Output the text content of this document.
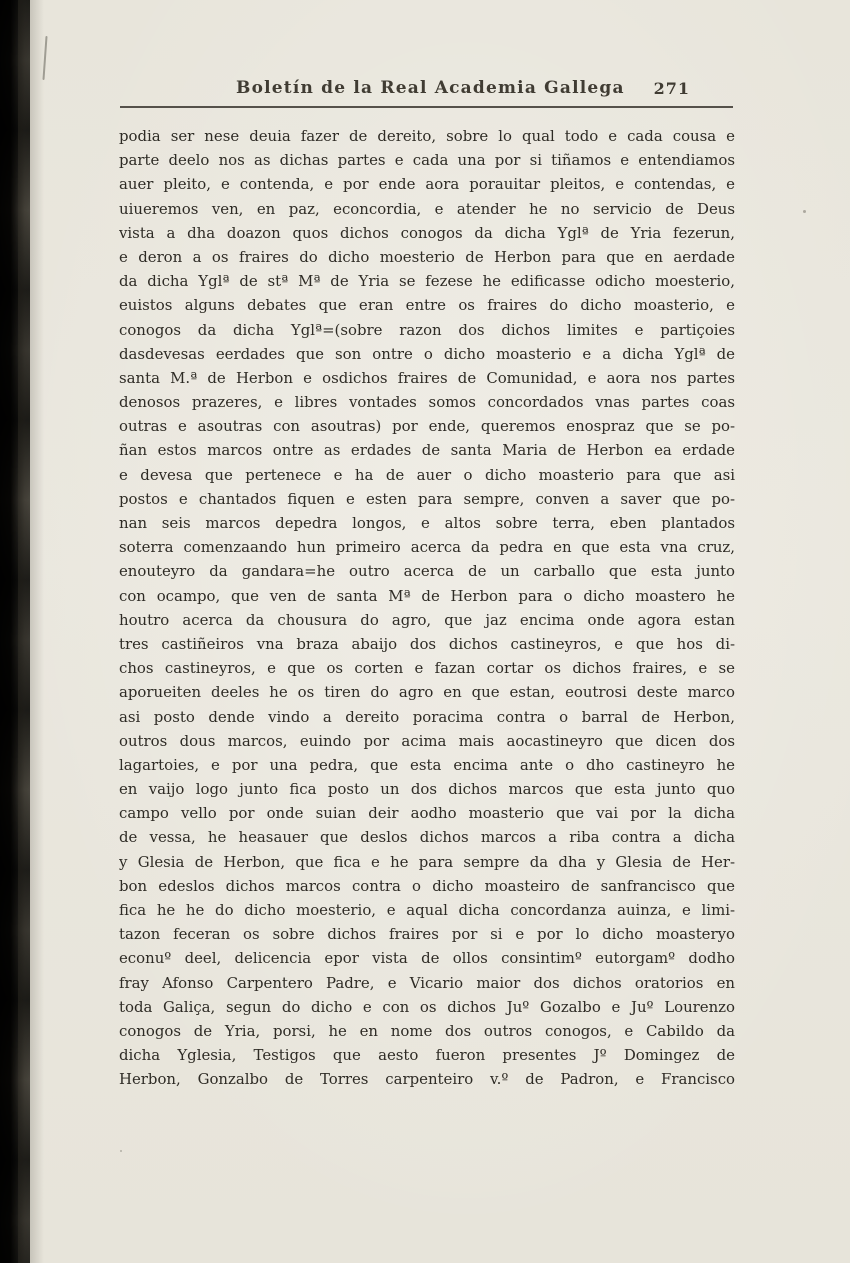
Boletín de la Real Academia Gallega 271
podia ser nese deuia fazer de dereito, sobre lo qual todo e cada cousa e
parte deelo nos as dichas partes e cada una por si tiñamos e entendiamos
auer pleito, e contenda, e por ende aora porauitar pleitos, e contendas, e
uiueremos ven, en paz, econcordia, e atender he no servicio de Deus
vista a dha doazon quos dichos conogos da dicha Yglª de Yria fezerun,
e deron a os fraires do dicho moesterio de Herbon para que en aerdade
da dicha Yglª de stª Mª de Yria se fezese he edificasse odicho moesterio,
euistos alguns debates que eran entre os fraires do dicho moasterio, e
conogos da dicha Yglª=(sobre razon dos dichos limites e partiçoies
dasdevesas eerdades que son ontre o dicho moasterio e a dicha Yglª de
santa M.ª de Herbon e osdichos fraires de Comunidad, e aora nos partes
denosos prazeres, e libres vontades somos concordados vnas partes coas
outras e asoutras con asoutras) por ende, queremos enospraz que se po-
ñan estos marcos ontre as erdades de santa Maria de Herbon ea erdade
e devesa que pertenece e ha de auer o dicho moasterio para que asi
postos e chantados fiquen e esten para sempre, conven a saver que po-
nan seis marcos depedra longos, e altos sobre terra, eben plantados
soterra comenzaando hun primeiro acerca da pedra en que esta vna cruz,
enouteyro da gandara=he outro acerca de un carballo que esta junto
con ocampo, que ven de santa Mª de Herbon para o dicho moastero he
houtro acerca da chousura do agro, que jaz encima onde agora estan
tres castiñeiros vna braza abaijo dos dichos castineyros, e que hos di-
chos castineyros, e que os corten e fazan cortar os dichos fraires, e se
aporueiten deeles he os tiren do agro en que estan, eoutrosi deste marco
asi posto dende vindo a dereito poracima contra o barral de Herbon,
outros dous marcos, euindo por acima mais aocastineyro que dicen dos
lagartoies, e por una pedra, que esta encima ante o dho castineyro he
en vaijo logo junto fica posto un dos dichos marcos que esta junto quo
campo vello por onde suian deir aodho moasterio que vai por la dicha
de vessa, he heasauer que deslos dichos marcos a riba contra a dicha
y Glesia de Herbon, que fica e he para sempre da dha y Glesia de Her-
bon edeslos dichos marcos contra o dicho moasteiro de sanfrancisco que
fica he he do dicho moesterio, e aqual dicha concordanza auinza, e limi-
tazon feceran os sobre dichos fraires por si e por lo dicho moasteryo
econuº deel, delicencia epor vista de ollos consintimº eutorgamº dodho
fray Afonso Carpentero Padre, e Vicario maior dos dichos oratorios en
toda Galiça, segun do dicho e con os dichos Juº Gozalbo e Juº Lourenzo
conogos de Yria, porsi, he en nome dos outros conogos, e Cabildo da
dicha Yglesia, Testigos que aesto fueron presentes Jº Domingez de
Herbon, Gonzalbo de Torres carpenteiro v.º de Padron, e Francisco
